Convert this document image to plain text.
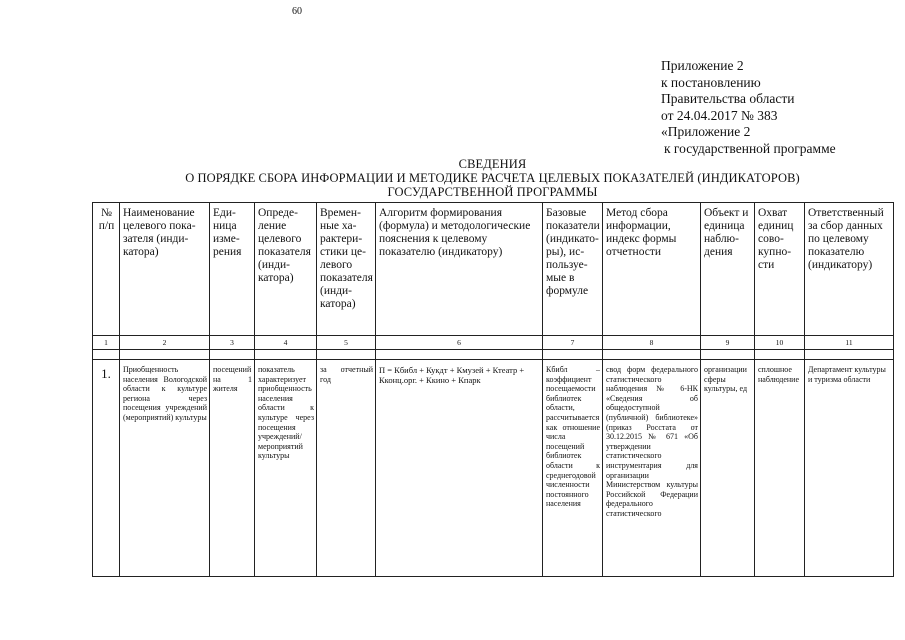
60
Приложение 2
к постановлению
Правительства области
от 24.04.2017 № 383
«Приложение 2
к государственной программе
СВЕДЕНИЯ
О ПОРЯДКЕ СБОРА ИНФОРМАЦИИ И МЕТОДИКЕ РАСЧЕТА ЦЕЛЕВЫХ ПОКАЗАТЕЛЕЙ (ИНДИКАТОРОВ)
ГОСУДАРСТВЕННОЙ ПРОГРАММЫ
№ п/п	Наименование целевого показателя (индикатора)	Единица измерения	Определение целевого показателя (индикатора)	Временные характеристики целевого показателя (индикатора)	Алгоритм формирования (формула) и методологические пояснения к целевому показателю (индикатору)	Базовые показатели (индикаторы), используемые в формуле	Метод сбора информации, индекс формы отчетности	Объект и единица наблюдения	Охват единиц совокупности	Ответственный за сбор данных по целевому показателю (индикатору)

1	2	3	4	5	6	7	8	9	10	11

1.	Приобщенность населения Вологодской области к культуре региона через посещения учреждений (мероприятий) культуры	посещений на 1 жителя	показатель характеризует приобщенность населения области к культуре через посещения учреждений/мероприятий культуры	за отчетный год	П = Кбибл + Кукдт + Кмузей + Ктеатр + Кконц.орг. + Ккино + Кпарк	Кбибл – коэффициент посещаемости библиотек области, рассчитывается как отношение числа посещений библиотек области к среднегодовой численности постоянного населения	свод форм федерального статистического наблюдения № 6-НК «Сведения об общедоступной (публичной) библиотеке» (приказ Росстата от 30.12.2015 № 671 «Об утверждении статистического инструментария для организации Министерством культуры Российской Федерации федерального статистического	организации сферы культуры, ед	сплошное наблюдение	Департамент культуры и туризма области
